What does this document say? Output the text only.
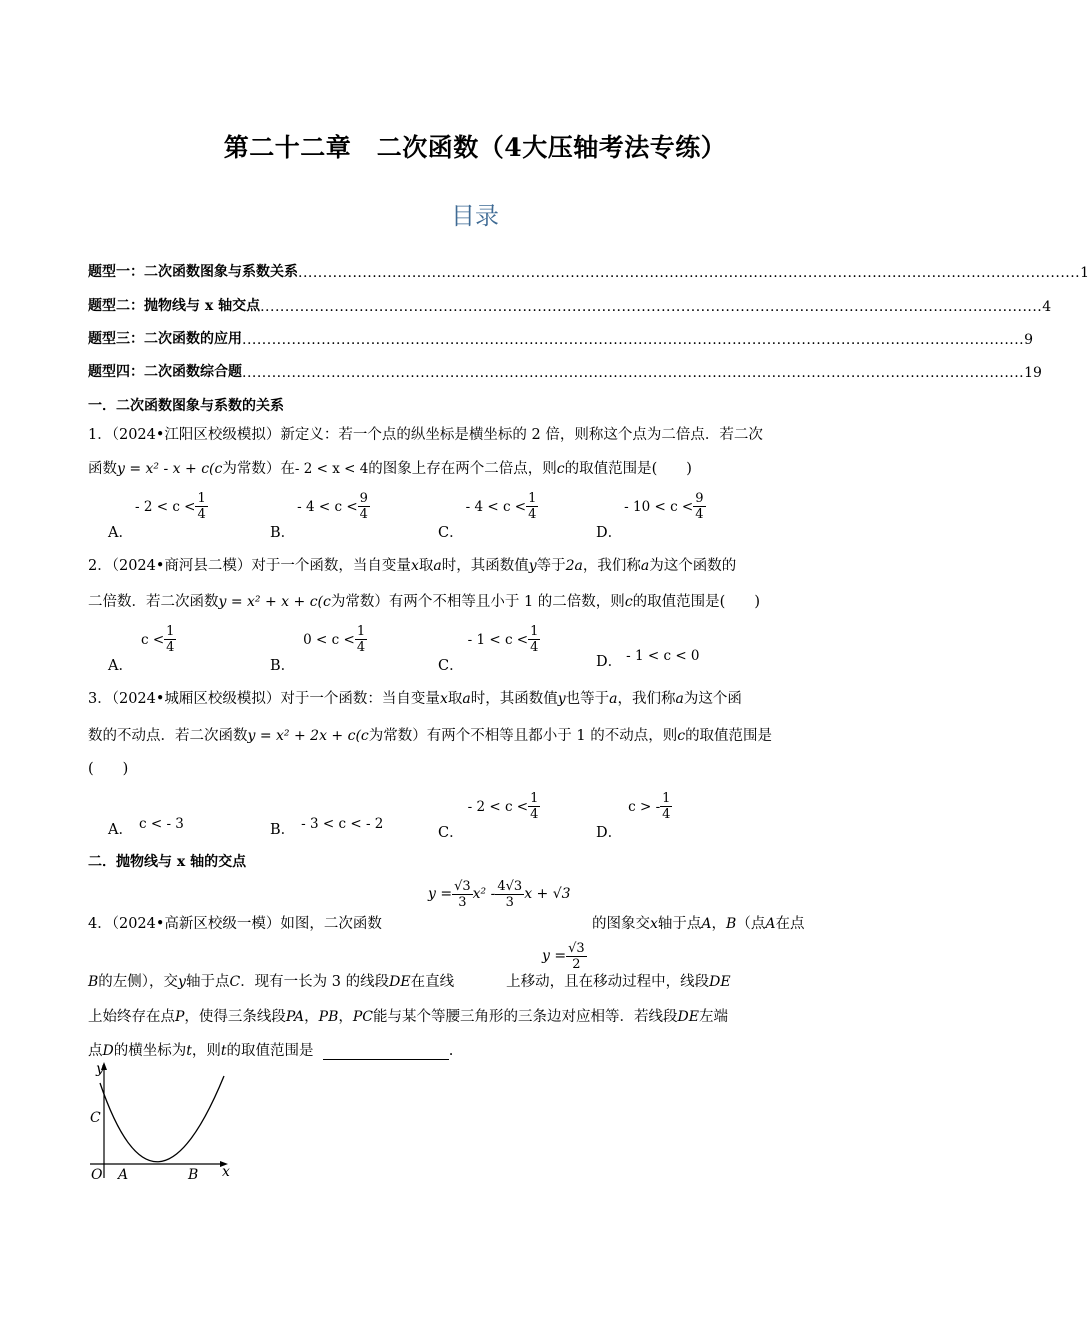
第二十二章　二次函数（4大压轴考法专练）
目录
题型一：二次函数图象与系数关系 .............................................................................................................................................................. 1
题型二：抛物线与 x 轴交点 .............................................................................................................................................................. 4
题型三：二次函数的应用 .............................................................................................................................................................. 9
题型四：二次函数综合题 .............................................................................................................................................................. 19
一．二次函数图象与系数的关系
1．（2024•江阳区校级模拟）新定义：若一个点的纵坐标是横坐标的 2 倍，则称这个点为二倍点．若二次
函数y = x² - x + c(c为常数）在- 2 < x < 4的图象上存在两个二倍点，则c的取值范围是(　　)
A．- $2 < c < \frac{1}{4}$
B．- $4 < c < \frac{9}{4}$
C．- $4 < c < \frac{1}{4}$
D．- $10 < c < \frac{9}{4}$
2．（2024•商河县二模）对于一个函数，当自变量x取a时，其函数值y等于2a，我们称a为这个函数的
二倍数．若二次函数y = x² + x + c(c为常数）有两个不相等且小于 1 的二倍数，则c的取值范围是(　　)
A．$c < \frac{1}{4}$
B．$0 < c < \frac{1}{4}$
C．- $1 < c < \frac{1}{4}$
D． - 1 < c < 0
3．（2024•城厢区校级模拟）对于一个函数：当自变量x取a时，其函数值y也等于a，我们称a为这个函
数的不动点．若二次函数y = x² + 2x + c(c为常数）有两个不相等且都小于 1 的不动点，则c的取值范围是
(　　)
A． c < - 3	B． - 3 < c < - 2
C．- $2 < c < \frac{1}{4}$
D．c > - $\frac{1}{4}$
二．抛物线与 x 轴的交点
4．（2024•高新区校级一模）如图，二次函数
$y = \frac{√3}{3} x^2 - \frac{4√3}{3}$ x + √3
的图象交x轴于点A，B（点A在点
B的左侧），交y轴于点C．现有一长为 3 的线段DE在直线	上移动，且在移动过程中，线段DE
$y = \frac{√3}{2}$
上始终存在点P，使得三条线段PA，PB，PC能与某个等腰三角形的三条边对应相等．若线段DE左端
点D的横坐标为t，则t的取值范围是	.
y
C
O A	B x
